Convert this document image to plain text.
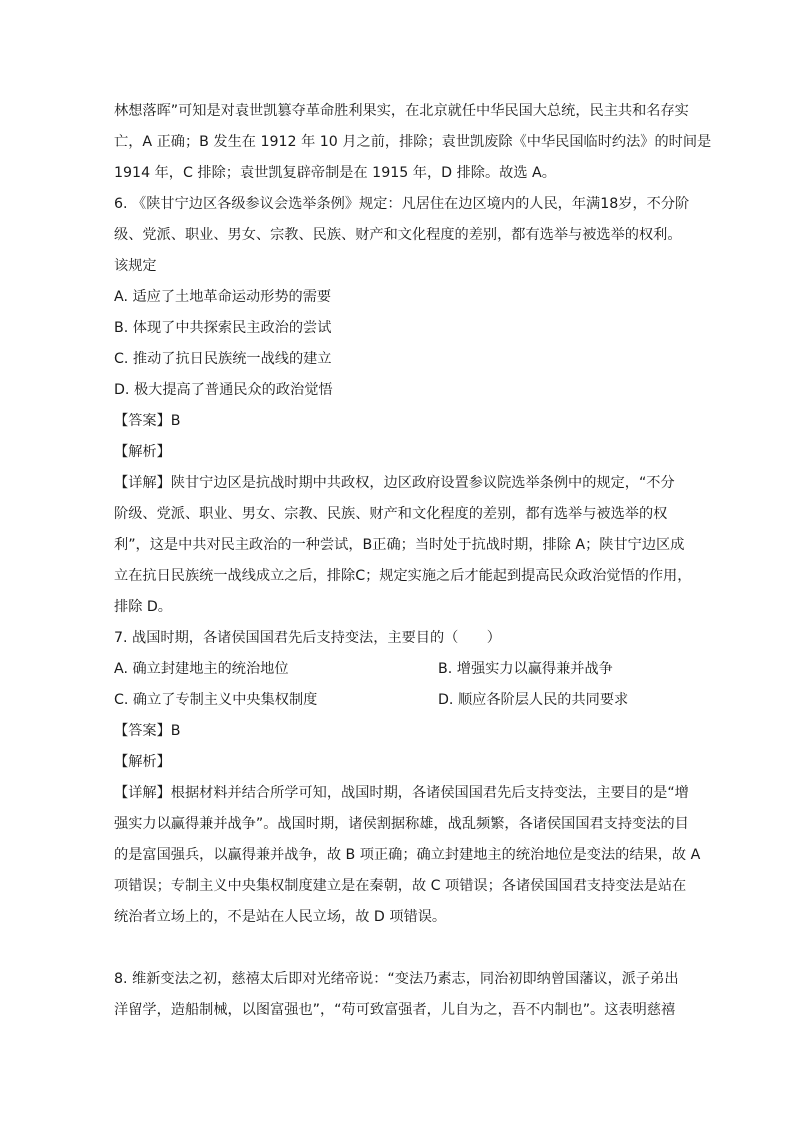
林想落晖”可知是对袁世凯篡夺革命胜利果实，在北京就任中华民国大总统，民主共和名存实
亡，A 正确；B 发生在 1912 年 10 月之前，排除；袁世凯废除《中华民国临时约法》的时间是
1914 年，C 排除；袁世凯复辟帝制是在 1915 年，D 排除。故选 A。
6. 《陕甘宁边区各级参议会选举条例》规定：凡居住在边区境内的人民，年满18岁，不分阶
级、党派、职业、男女、宗教、民族、财产和文化程度的差别，都有选举与被选举的权利。
该规定
A. 适应了土地革命运动形势的需要
B. 体现了中共探索民主政治的尝试
C. 推动了抗日民族统一战线的建立
D. 极大提高了普通民众的政治觉悟
【答案】B
【解析】
【详解】陕甘宁边区是抗战时期中共政权，边区政府设置参议院选举条例中的规定，“不分
阶级、党派、职业、男女、宗教、民族、财产和文化程度的差别，都有选举与被选举的权
利”，这是中共对民主政治的一种尝试，B正确；当时处于抗战时期，排除 A；陕甘宁边区成
立在抗日民族统一战线成立之后，排除C；规定实施之后才能起到提高民众政治觉悟的作用，
排除 D。
7. 战国时期，各诸侯国国君先后支持变法，主要目的（　　）
A. 确立封建地主的统治地位	B. 增强实力以赢得兼并战争
C. 确立了专制主义中央集权制度	D. 顺应各阶层人民的共同要求
【答案】B
【解析】
【详解】根据材料并结合所学可知，战国时期，各诸侯国国君先后支持变法，主要目的是“增
强实力以赢得兼并战争”。战国时期，诸侯割据称雄，战乱频繁，各诸侯国国君支持变法的目
的是富国强兵，以赢得兼并战争，故 B 项正确；确立封建地主的统治地位是变法的结果，故 A
项错误；专制主义中央集权制度建立是在秦朝，故 C 项错误；各诸侯国国君支持变法是站在
统治者立场上的，不是站在人民立场，故 D 项错误。
8. 维新变法之初，慈禧太后即对光绪帝说：“变法乃素志，同治初即纳曾国藩议，派子弟出
洋留学，造船制械，以图富强也”，“苟可致富强者，儿自为之，吾不内制也”。这表明慈禧
